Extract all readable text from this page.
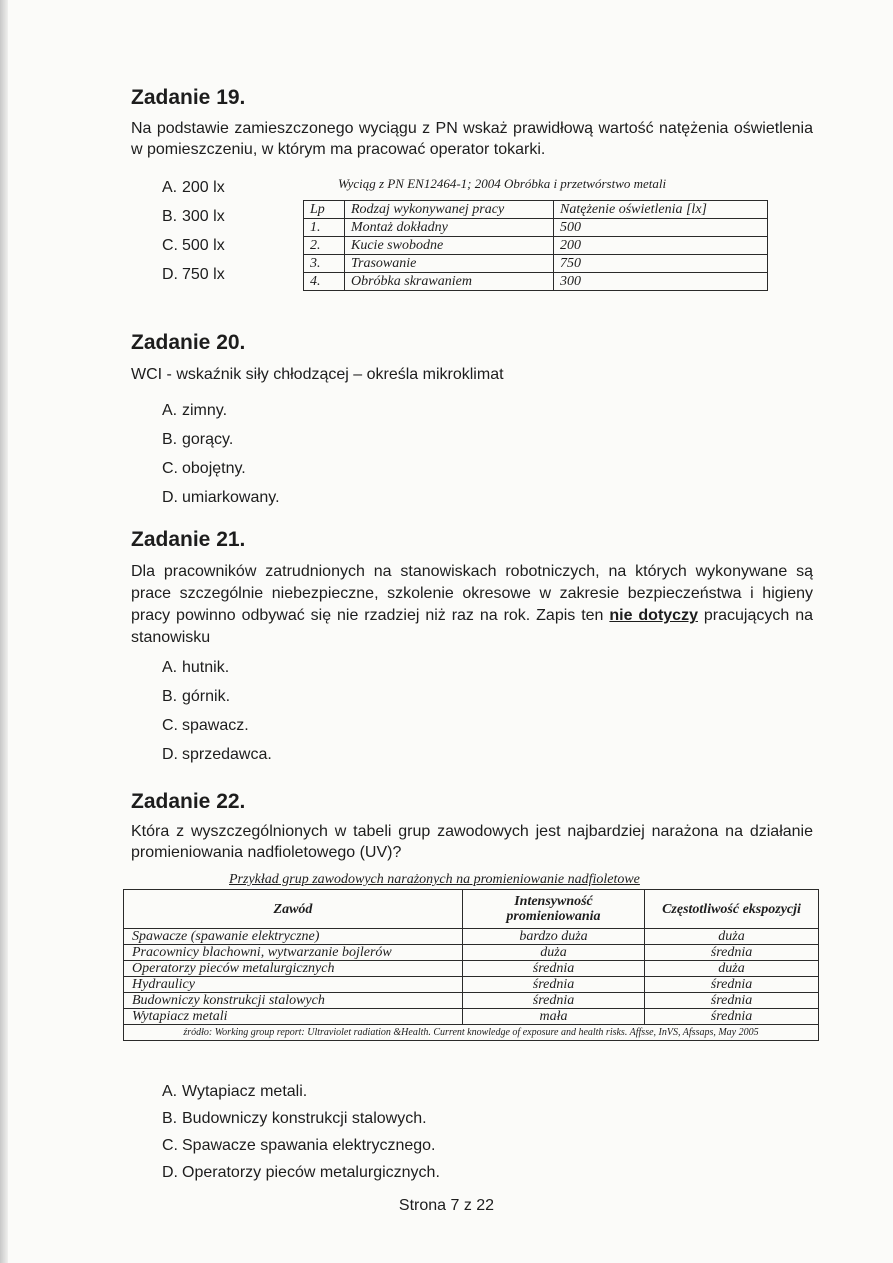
Zadanie 19.

Na podstawie zamieszczonego wyciągu z PN wskaż prawidłową wartość natężenia oświetlenia w pomieszczeniu, w którym ma pracować operator tokarki.

A. 200 lx
B. 300 lx
C. 500 lx
D. 750 lx
Wyciąg z PN EN12464-1; 2004 Obróbka i przetwórstwo metali
Lp	Rodzaj wykonywanej pracy	Natężenie oświetlenia [lx]
1.	Montaż dokładny	500
2.	Kucie swobodne	200
3.	Trasowanie	750
4.	Obróbka skrawaniem	300
Zadanie 20.

WCI - wskaźnik siły chłodzącej – określa mikroklimat

A. zimny.
B. gorący.
C. obojętny.
D. umiarkowany.
Zadanie 21.

Dla pracowników zatrudnionych na stanowiskach robotniczych, na których wykonywane są prace szczególnie niebezpieczne, szkolenie okresowe w zakresie bezpieczeństwa i higieny pracy powinno odbywać się nie rzadziej niż raz na rok. Zapis ten nie dotyczy pracujących na stanowisku

A. hutnik.
B. górnik.
C. spawacz.
D. sprzedawca.
Zadanie 22.

Która z wyszczególnionych w tabeli grup zawodowych jest najbardziej narażona na działanie promieniowania nadfioletowego (UV)?

Przykład grup zawodowych narażonych na promieniowanie nadfioletowe
Zawód	Intensywność promieniowania	Częstotliwość ekspozycji
Spawacze (spawanie elektryczne)	bardzo duża	duża
Pracownicy blachowni, wytwarzanie bojlerów	duża	średnia
Operatorzy pieców metalurgicznych	średnia	duża
Hydraulicy	średnia	średnia
Budowniczy konstrukcji stalowych	średnia	średnia
Wytapiacz metali	mała	średnia
źródło: Working group report: Ultraviolet radiation &Health. Current knowledge of exposure and health risks. Affsse, InVS, Afssaps, May 2005		
A. Wytapiacz metali.
B. Budowniczy konstrukcji stalowych.
C. Spawacze spawania elektrycznego.
D. Operatorzy pieców metalurgicznych.
Strona 7 z 22
